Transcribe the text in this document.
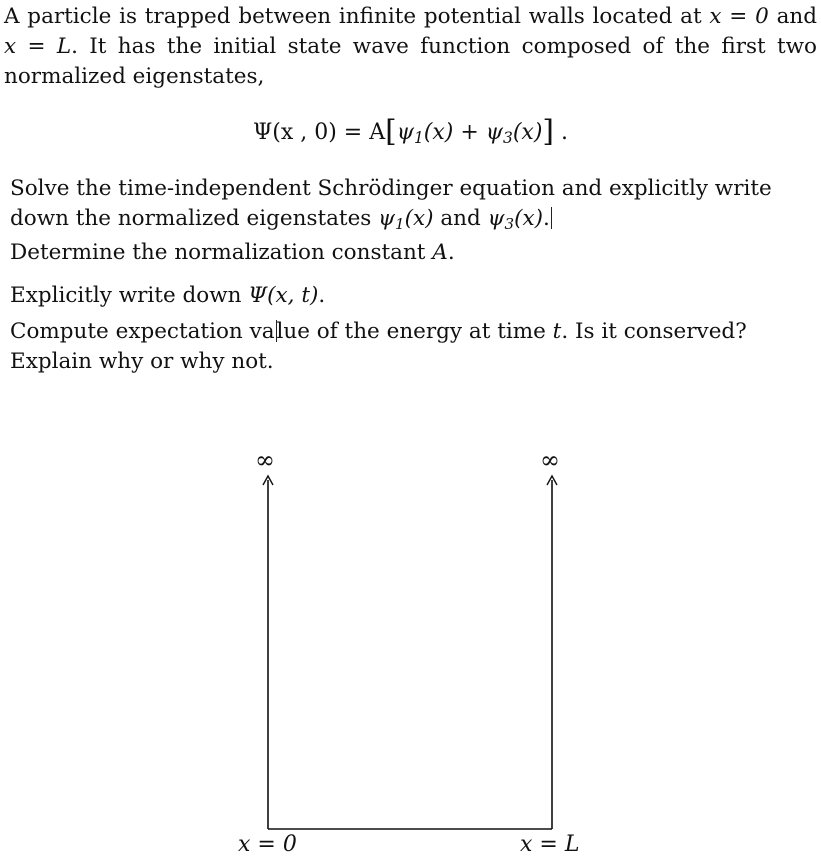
A particle is trapped between infinite potential walls located at x = 0 and x = L. It has the initial state wave function composed of the first two normalized eigenstates,

Ψ(x , $0) = A[\psi_1(x) + \psi_3(x)]$ .
Solve the time-independent Schrödinger equation and explicitly write down the normalized eigenstates $\psi_1(x)$ and $\psi_3(x)$.
Determine the normalization constant A.
Explicitly write down Ψ(x, t).
Compute expectation value of the energy at time t. Is it conserved? Explain why or why not.
∞	∞
x = 0	x = L
